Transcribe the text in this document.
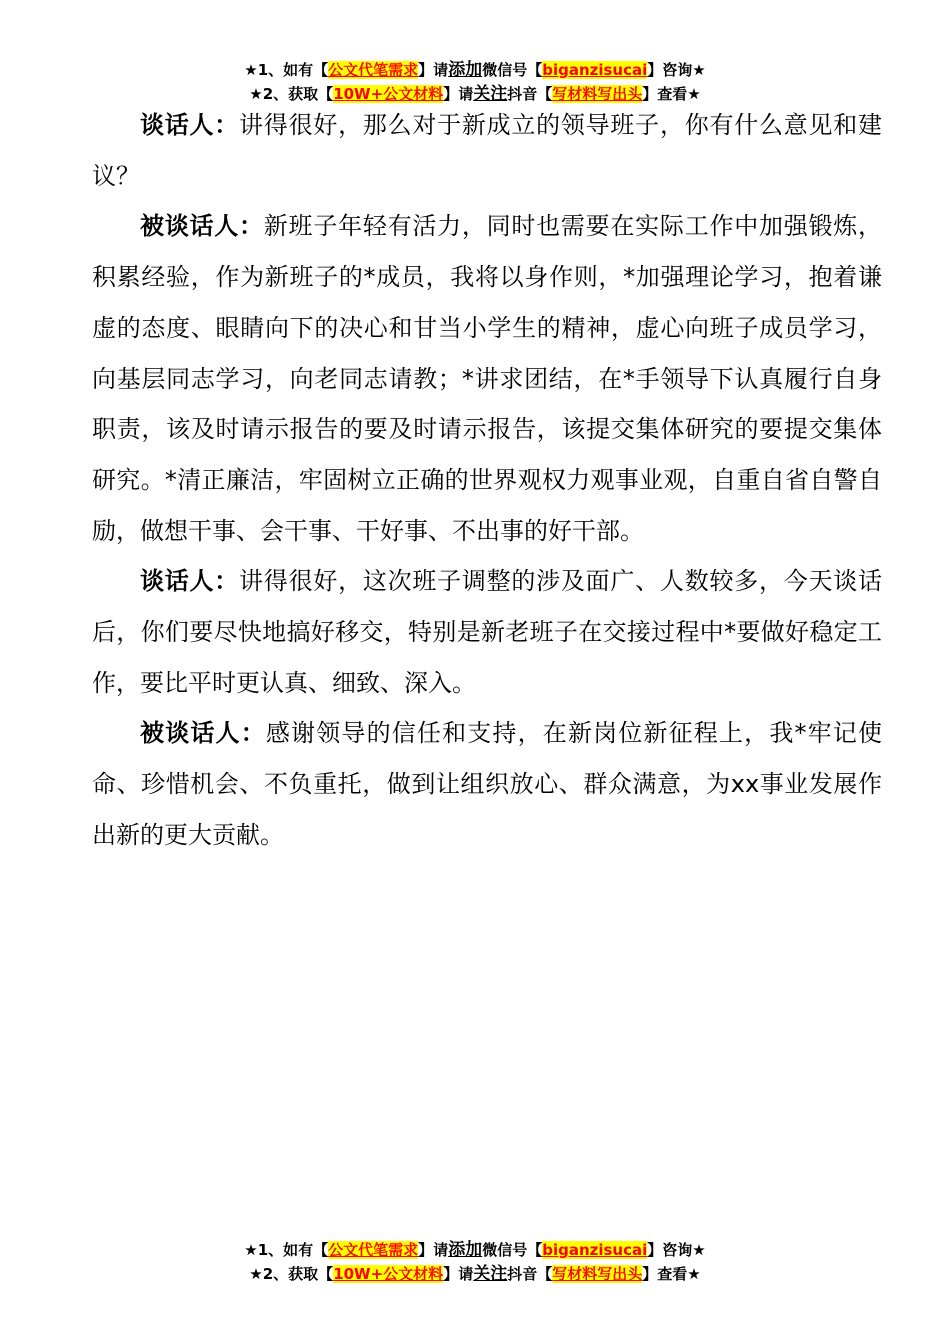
★1、如有【公文代笔需求】请添加微信号【biganzisucai】咨询★
★2、获取【10W+公文材料】请关注抖音【写材料写出头】查看★

谈话人：讲得很好，那么对于新成立的领导班子，你有什么意见和建议？

被谈话人：新班子年轻有活力，同时也需要在实际工作中加强锻炼，积累经验，作为新班子的*成员，我将以身作则，*加强理论学习，抱着谦虚的态度、眼睛向下的决心和甘当小学生的精神，虚心向班子成员学习，向基层同志学习，向老同志请教；*讲求团结，在*手领导下认真履行自身职责，该及时请示报告的要及时请示报告，该提交集体研究的要提交集体研究。*清正廉洁，牢固树立正确的世界观权力观事业观，自重自省自警自励，做想干事、会干事、干好事、不出事的好干部。

谈话人：讲得很好，这次班子调整的涉及面广、人数较多，今天谈话后，你们要尽快地搞好移交，特别是新老班子在交接过程中*要做好稳定工作，要比平时更认真、细致、深入。

被谈话人：感谢领导的信任和支持，在新岗位新征程上，我*牢记使命、珍惜机会、不负重托，做到让组织放心、群众满意，为xx事业发展作出新的更大贡献。

★1、如有【公文代笔需求】请添加微信号【biganzisucai】咨询★
★2、获取【10W+公文材料】请关注抖音【写材料写出头】查看★
